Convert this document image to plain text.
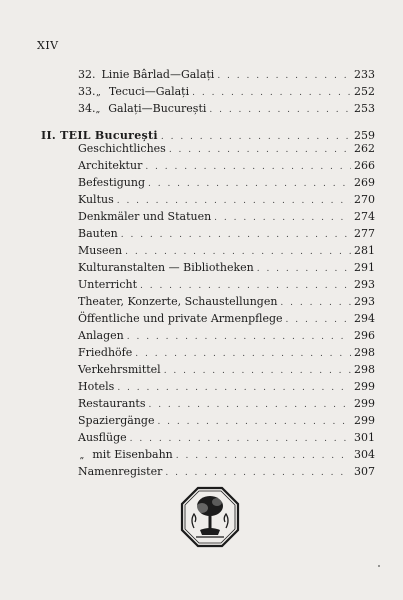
XIV
32. Linie Bârlad—Galați . . .	233
33. „ Tecuci—Galați . . .	252
34. „ Galați—București . . .	253
II. TEIL București . . .	259
Geschichtliches . . .	262
Architektur . . .	266
Befestigung . . .	269
Kultus . . .	270
Denkmäler und Statuen . . .	274
Bauten . . .	277
Museen . . .	281
Kulturanstalten — Bibliotheken . . .	291
Unterricht . . .	293
Theater, Konzerte, Schaustellungen . . .	293
Öffentliche und private Armenpflege . . .	294
Anlagen . . .	296
Friedhöfe . . .	298
Verkehrsmittel . . .	298
Hotels . . .	299
Restaurants . . .	299
Spaziergänge . . .	299
Ausflüge . . .	301
„ mit Eisenbahn . . .	304
Namenregister . . .	307
